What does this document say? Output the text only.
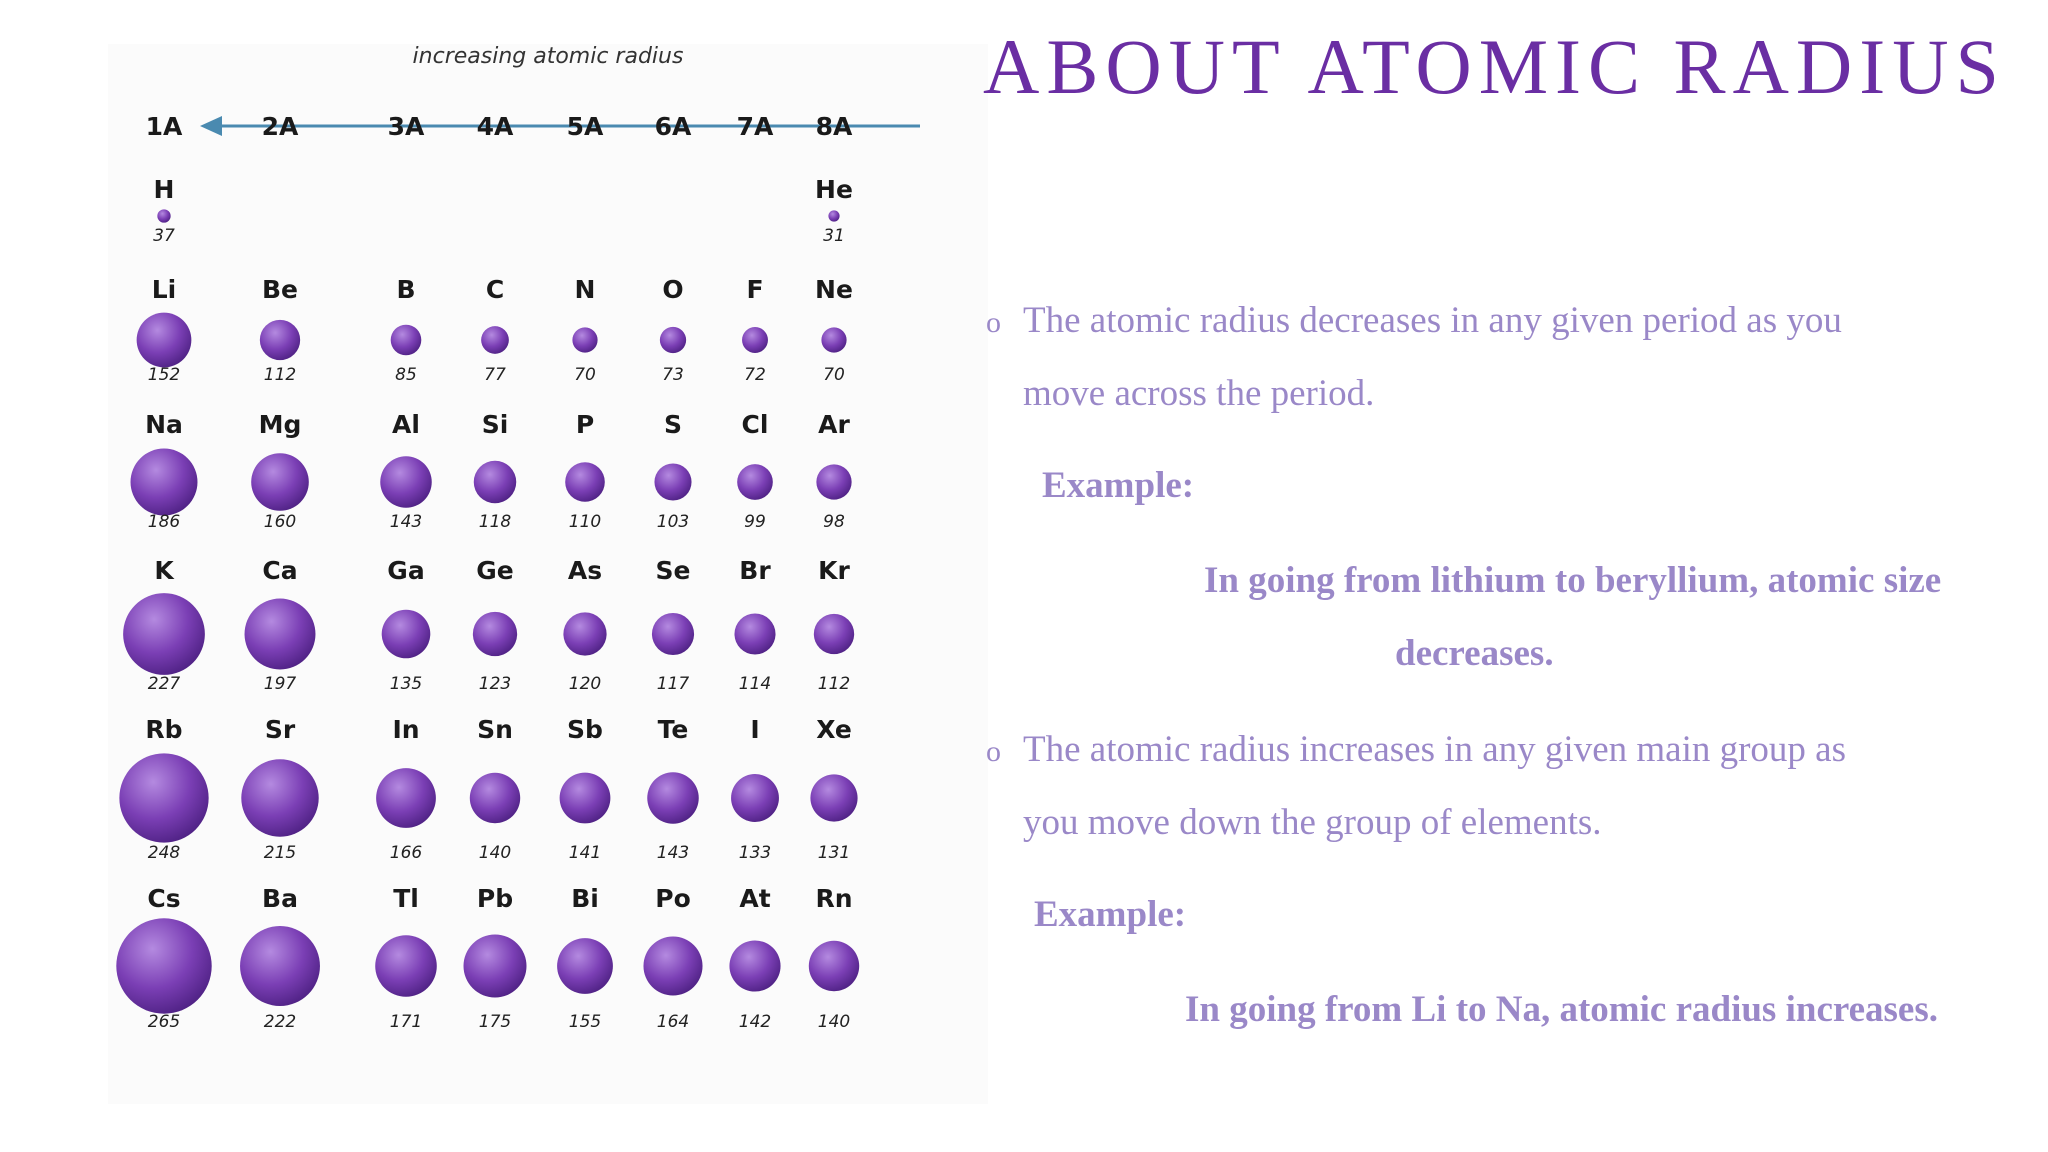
increasing atomic radius
1A	2A	3A 4A 5A 6A 7A 8A
H
37
He
31
Li
152
Be
112
B
85
C
77
N
70
O
73
F
72
Ne
70
Na
186
Mg
160
Al
143
Si
118
P
110
S
103
Cl
99
Ar
98
K
227
Ca
197
Ga
135
Ge
123
As
120
Se
117
Br
114
Kr
112
Rb
248
Sr
215
In
166
Sn
140
Sb
141
Te
143
I
133
Xe
131
Cs
265
Ba
222
Tl
171
Pb
175
Bi
155
Po
164
At
142
Rn
140
ABOUT ATOMIC RADIUS
o The atomic radius decreases in any given period as you
move across the period.
Example:
In going from lithium to beryllium, atomic size
decreases.
o The atomic radius increases in any given main group as
you move down the group of elements.
Example:
In going from Li to Na, atomic radius increases.
